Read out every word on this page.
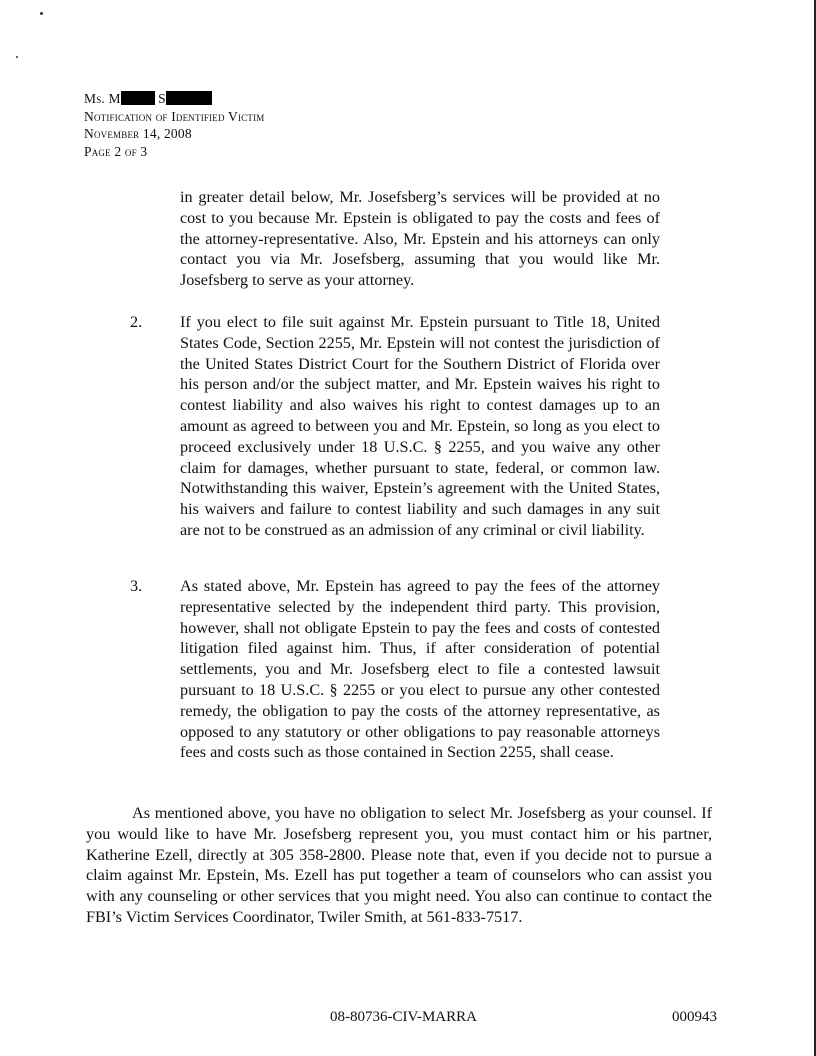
Ms. M	S
Notification of Identified Victim
November 14, 2008
Page 2 of 3
in greater detail below, Mr. Josefsberg’s services will be provided at no cost to you because Mr. Epstein is obligated to pay the costs and fees of the attorney-representative. Also, Mr. Epstein and his attorneys can only contact you via Mr. Josefsberg, assuming that you would like Mr. Josefsberg to serve as your attorney.
2.	If you elect to file suit against Mr. Epstein pursuant to Title 18, United States Code, Section 2255, Mr. Epstein will not contest the jurisdiction of the United States District Court for the Southern District of Florida over his person and/or the subject matter, and Mr. Epstein waives his right to contest liability and also waives his right to contest damages up to an amount as agreed to between you and Mr. Epstein, so long as you elect to proceed exclusively under 18 U.S.C. § 2255, and you waive any other claim for damages, whether pursuant to state, federal, or common law. Notwithstanding this waiver, Epstein’s agreement with the United States, his waivers and failure to contest liability and such damages in any suit are not to be construed as an admission of any criminal or civil liability.
3.	As stated above, Mr. Epstein has agreed to pay the fees of the attorney representative selected by the independent third party. This provision, however, shall not obligate Epstein to pay the fees and costs of contested litigation filed against him. Thus, if after consideration of potential settlements, you and Mr. Josefsberg elect to file a contested lawsuit pursuant to 18 U.S.C. § 2255 or you elect to pursue any other contested remedy, the obligation to pay the costs of the attorney representative, as opposed to any statutory or other obligations to pay reasonable attorneys fees and costs such as those contained in Section 2255, shall cease.
As mentioned above, you have no obligation to select Mr. Josefsberg as your counsel. If you would like to have Mr. Josefsberg represent you, you must contact him or his partner, Katherine Ezell, directly at 305 358-2800. Please note that, even if you decide not to pursue a claim against Mr. Epstein, Ms. Ezell has put together a team of counselors who can assist you with any counseling or other services that you might need. You also can continue to contact the FBI’s Victim Services Coordinator, Twiler Smith, at 561-833-7517.
08-80736-CIV-MARRA	000943
